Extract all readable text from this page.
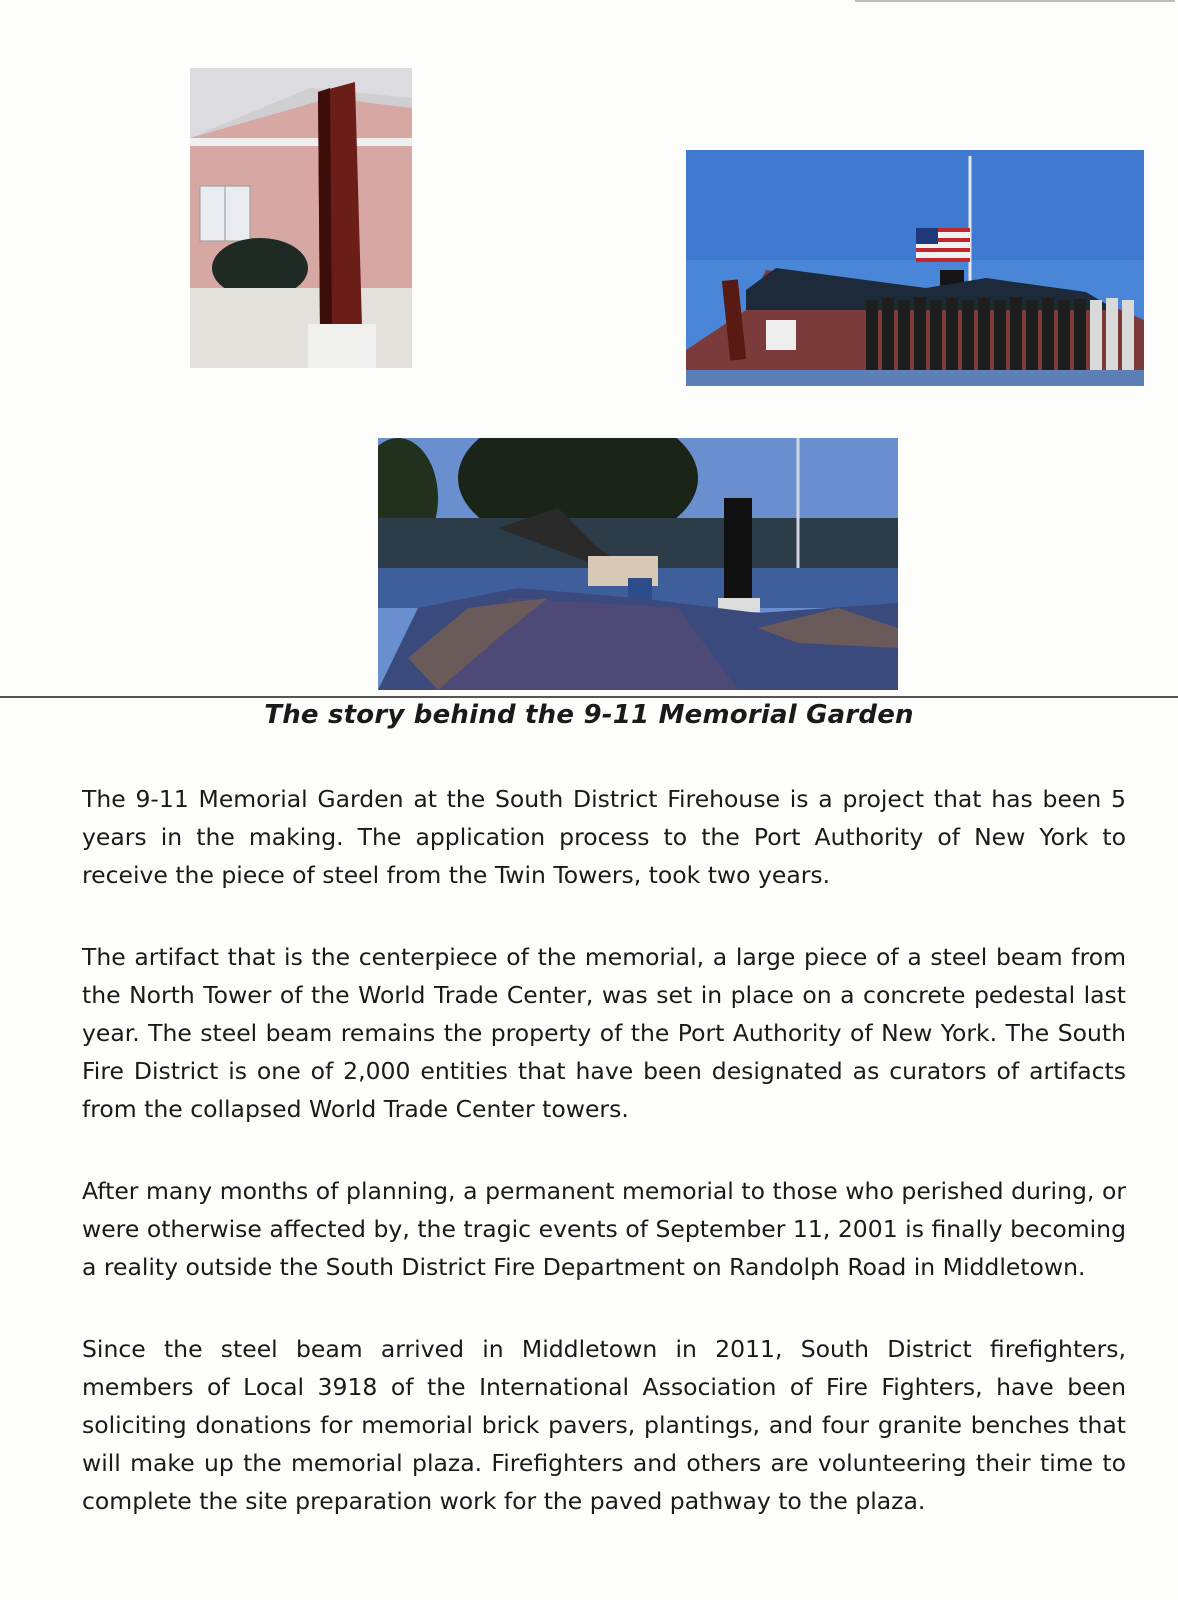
The story behind the 9-11 Memorial Garden

The 9-11 Memorial Garden at the South District Firehouse is a project that has been 5 years in the making. The application process to the Port Authority of New York to receive the piece of steel from the Twin Towers, took two years.

The artifact that is the centerpiece of the memorial, a large piece of a steel beam from the North Tower of the World Trade Center, was set in place on a concrete pedestal last year. The steel beam remains the property of the Port Authority of New York. The South Fire District is one of 2,000 entities that have been designated as curators of artifacts from the collapsed World Trade Center towers.

After many months of planning, a permanent memorial to those who perished during, or were otherwise affected by, the tragic events of September 11, 2001 is finally becoming a reality outside the South District Fire Department on Randolph Road in Middletown.

Since the steel beam arrived in Middletown in 2011, South District firefighters, members of Local 3918 of the International Association of Fire Fighters, have been soliciting donations for memorial brick pavers, plantings, and four granite benches that will make up the memorial plaza. Firefighters and others are volunteering their time to complete the site preparation work for the paved pathway to the plaza.
